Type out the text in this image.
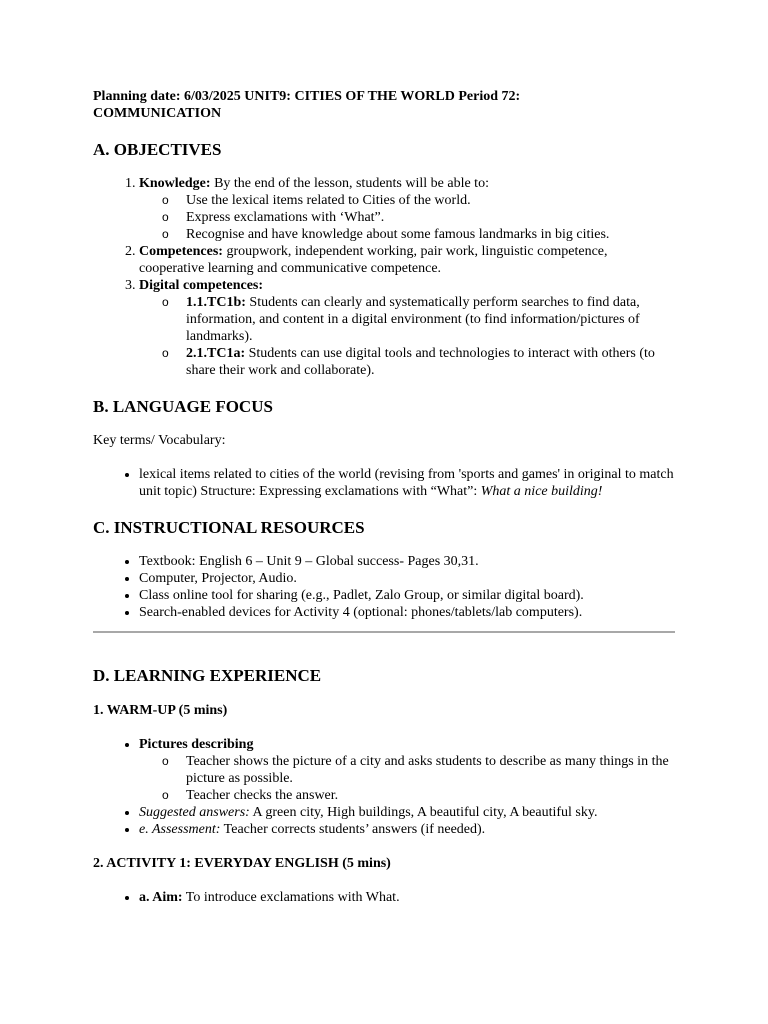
Planning date: 6/03/2025 UNIT9: CITIES OF THE WORLD Period 72:

COMMUNICATION

A. OBJECTIVES
1. Knowledge: By the end of the lesson, students will be able to:
o Use the lexical items related to Cities of the world.
o Express exclamations with ‘What”.
o Recognise and have knowledge about some famous landmarks in big cities.
2. Competences: groupwork, independent working, pair work, linguistic competence, cooperative learning and communicative competence.
3. Digital competences:
o 1.1.TC1b: Students can clearly and systematically perform searches to find data, information, and content in a digital environment (to find information/pictures of landmarks).
o 2.1.TC1a: Students can use digital tools and technologies to interact with others (to share their work and collaborate).
B. LANGUAGE FOCUS

Key terms/ Vocabulary:

• lexical items related to cities of the world (revising from 'sports and games' in original to match unit topic) Structure: Expressing exclamations with “What”: What a nice building!
C. INSTRUCTIONAL RESOURCES
• Textbook: English 6 – Unit 9 – Global success- Pages 30,31.
• Computer, Projector, Audio.
• Class online tool for sharing (e.g., Padlet, Zalo Group, or similar digital board).
• Search-enabled devices for Activity 4 (optional: phones/tablets/lab computers).
D. LEARNING EXPERIENCE
1. WARM-UP (5 mins)
• Pictures describing
o Teacher shows the picture of a city and asks students to describe as many things in the picture as possible.
o Teacher checks the answer.
• Suggested answers: A green city, High buildings, A beautiful city, A beautiful sky.
• e. Assessment: Teacher corrects students’ answers (if needed).
2. ACTIVITY 1: EVERYDAY ENGLISH (5 mins)
• a. Aim: To introduce exclamations with What.
